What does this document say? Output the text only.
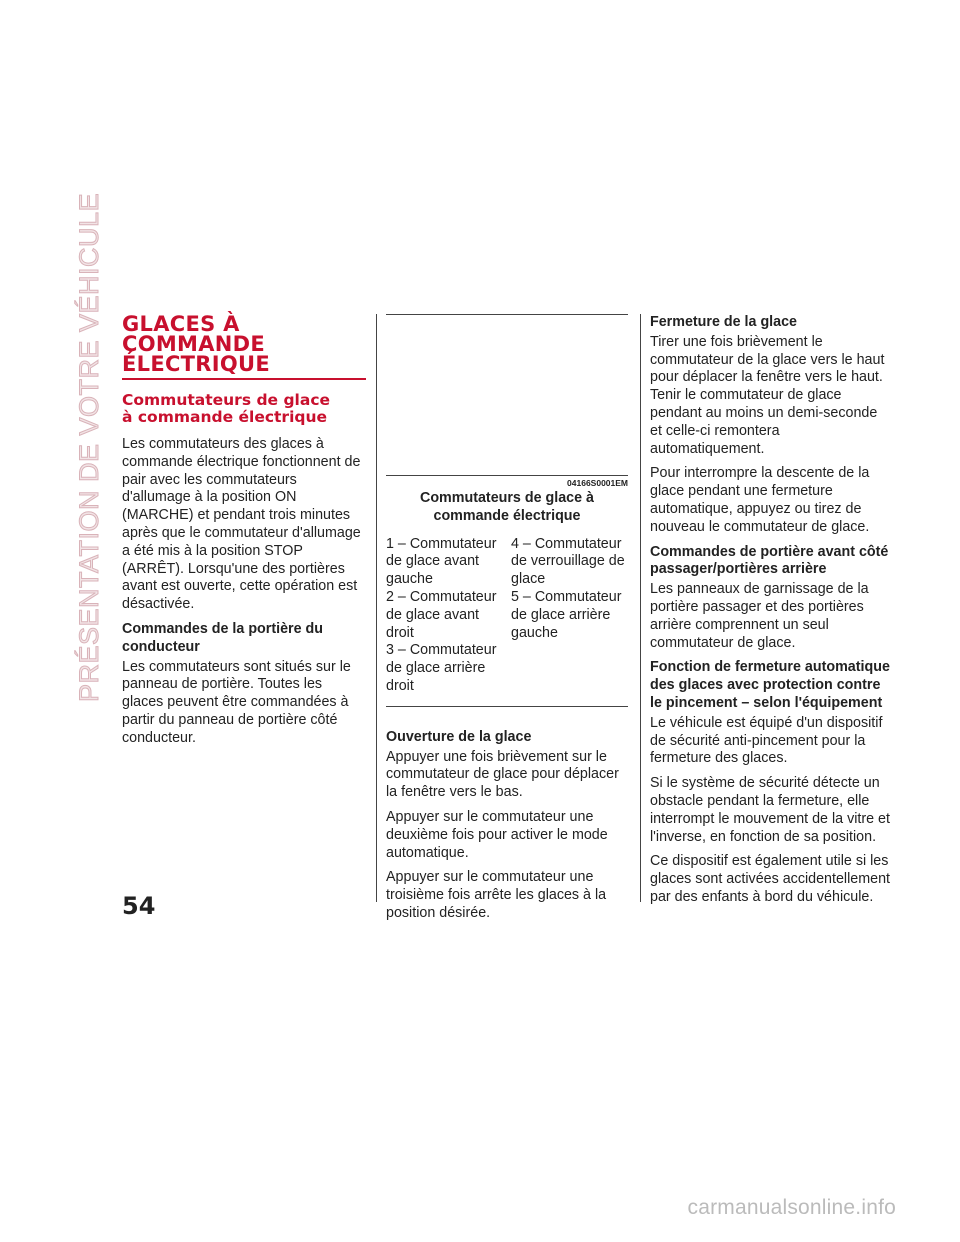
PRÉSENTATION DE VOTRE VÉHICULE GLACES À
COMMANDE
ÉLECTRIQUE
Commutateurs de glace
à commande électrique

Les commutateurs des glaces à commande électrique fonctionnent de pair avec les commutateurs d'allumage à la position ON (MARCHE) et pendant trois minutes après que le commutateur d'allumage a été mis à la position STOP (ARRÊT). Lorsqu'une des portières avant est ouverte, cette opération est désactivée.

Commandes de la portière du conducteur

Les commutateurs sont situés sur le panneau de portière. Toutes les glaces peuvent être commandées à partir du panneau de portière côté conducteur.

04166S0001EM
Commutateurs de glace à
commande électrique
1 – Commutateur
de glace avant
gauche
4 – Commutateur
de verrouillage de
glace
2 – Commutateur
de glace avant
droit
5 – Commutateur
de glace arrière
gauche
3 – Commutateur
de glace arrière
droit

Ouverture de la glace

Appuyer une fois brièvement sur le commutateur de glace pour déplacer la fenêtre vers le bas.

Appuyer sur le commutateur une deuxième fois pour activer le mode automatique.

Appuyer sur le commutateur une troisième fois arrête les glaces à la position désirée.

Fermeture de la glace

Tirer une fois brièvement le commutateur de la glace vers le haut pour déplacer la fenêtre vers le haut. Tenir le commutateur de glace pendant au moins un demi-seconde et celle-ci remontera automatiquement.

Pour interrompre la descente de la glace pendant une fermeture automatique, appuyez ou tirez de nouveau le commutateur de glace.

Commandes de portière avant côté passager/portières arrière

Les panneaux de garnissage de la portière passager et des portières arrière comprennent un seul commutateur de glace.

Fonction de fermeture automatique des glaces avec protection contre le pincement – selon l'équipement

Le véhicule est équipé d'un dispositif de sécurité anti-pincement pour la fermeture des glaces.

Si le système de sécurité détecte un obstacle pendant la fermeture, elle interrompt le mouvement de la vitre et l'inverse, en fonction de sa position.

Ce dispositif est également utile si les glaces sont activées accidentellement par des enfants à bord du véhicule.

54
carmanualsonline.info
